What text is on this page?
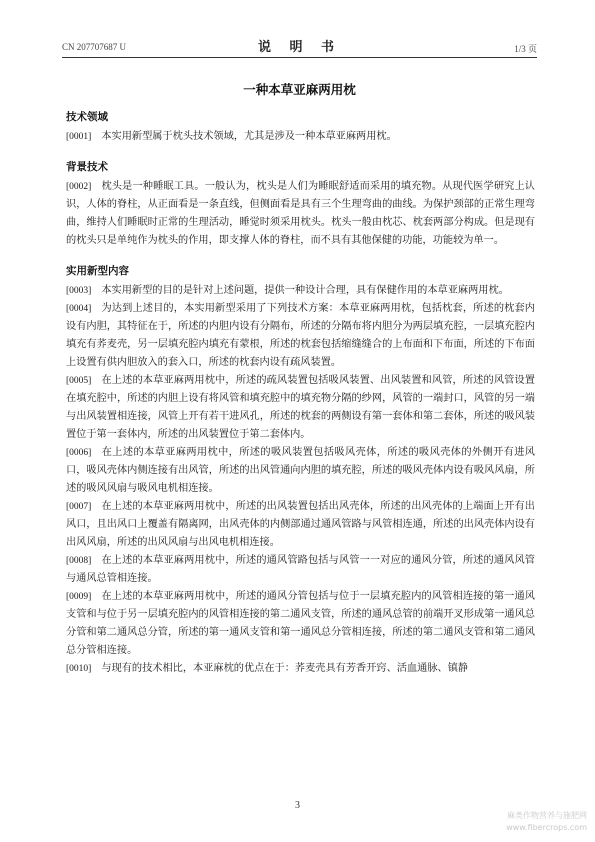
CN 207707687 U	说 明 书	1/3 页
一种本草亚麻两用枕
技术领域

[0001] 本实用新型属于枕头技术领域，尤其是涉及一种本草亚麻两用枕。

背景技术

[0002] 枕头是一种睡眠工具。一般认为，枕头是人们为睡眠舒适而采用的填充物。从现代医学研究上认识，人体的脊柱，从正面看是一条直线，但侧面看是具有三个生理弯曲的曲线。为保护颈部的正常生理弯曲，维持人们睡眠时正常的生理活动，睡觉时须采用枕头。枕头一般由枕芯、枕套两部分构成。但是现有的枕头只是单纯作为枕头的作用，即支撑人体的脊柱，而不具有其他保健的功能，功能较为单一。

实用新型内容

[0003] 本实用新型的目的是针对上述问题，提供一种设计合理，具有保健作用的本草亚麻两用枕。

[0004] 为达到上述目的，本实用新型采用了下列技术方案：本草亚麻两用枕，包括枕套，所述的枕套内设有内胆，其特征在于，所述的内胆内设有分隔布，所述的分隔布将内胆分为两层填充腔，一层填充腔内填充有荞麦壳，另一层填充腔内填充有蒙根，所述的枕套包括缩缝缝合的上布面和下布面，所述的下布面上设置有供内胆放入的套入口，所述的枕套内设有疏风装置。

[0005] 在上述的本草亚麻两用枕中，所述的疏风装置包括吸风装置、出风装置和风管，所述的风管设置在填充腔中，所述的内胆上设有将风管和填充腔中的填充物分隔的纱网，风管的一端封口，风管的另一端与出风装置相连接，风管上开有若干进风孔，所述的枕套的两侧设有第一套体和第二套体，所述的吸风装置位于第一套体内，所述的出风装置位于第二套体内。

[0006] 在上述的本草亚麻两用枕中，所述的吸风装置包括吸风壳体，所述的吸风壳体的外侧开有进风口，吸风壳体内侧连接有出风管，所述的出风管通向内胆的填充腔，所述的吸风壳体内设有吸风风扇，所述的吸风风扇与吸风电机相连接。

[0007] 在上述的本草亚麻两用枕中，所述的出风装置包括出风壳体，所述的出风壳体的上端面上开有出风口，且出风口上覆盖有隔离网，出风壳体的内侧部通过通风管路与风管相连通，所述的出风壳体内设有出风风扇，所述的出风风扇与出风电机相连接。

[0008] 在上述的本草亚麻两用枕中，所述的通风管路包括与风管一一对应的通风分管，所述的通风风管与通风总管相连接。

[0009] 在上述的本草亚麻两用枕中，所述的通风分管包括与位于一层填充腔内的风管相连接的第一通风支管和与位于另一层填充腔内的风管相连接的第二通风支管，所述的通风总管的前端开叉形成第一通风总分管和第二通风总分管，所述的第一通风支管和第一通风总分管相连接，所述的第二通风支管和第二通风总分管相连接。

[0010] 与现有的技术相比，本亚麻枕的优点在于：荞麦壳具有芳香开窍、活血通脉、镇静

3
麻类作物营养与施肥网
www.fibercrops.com
